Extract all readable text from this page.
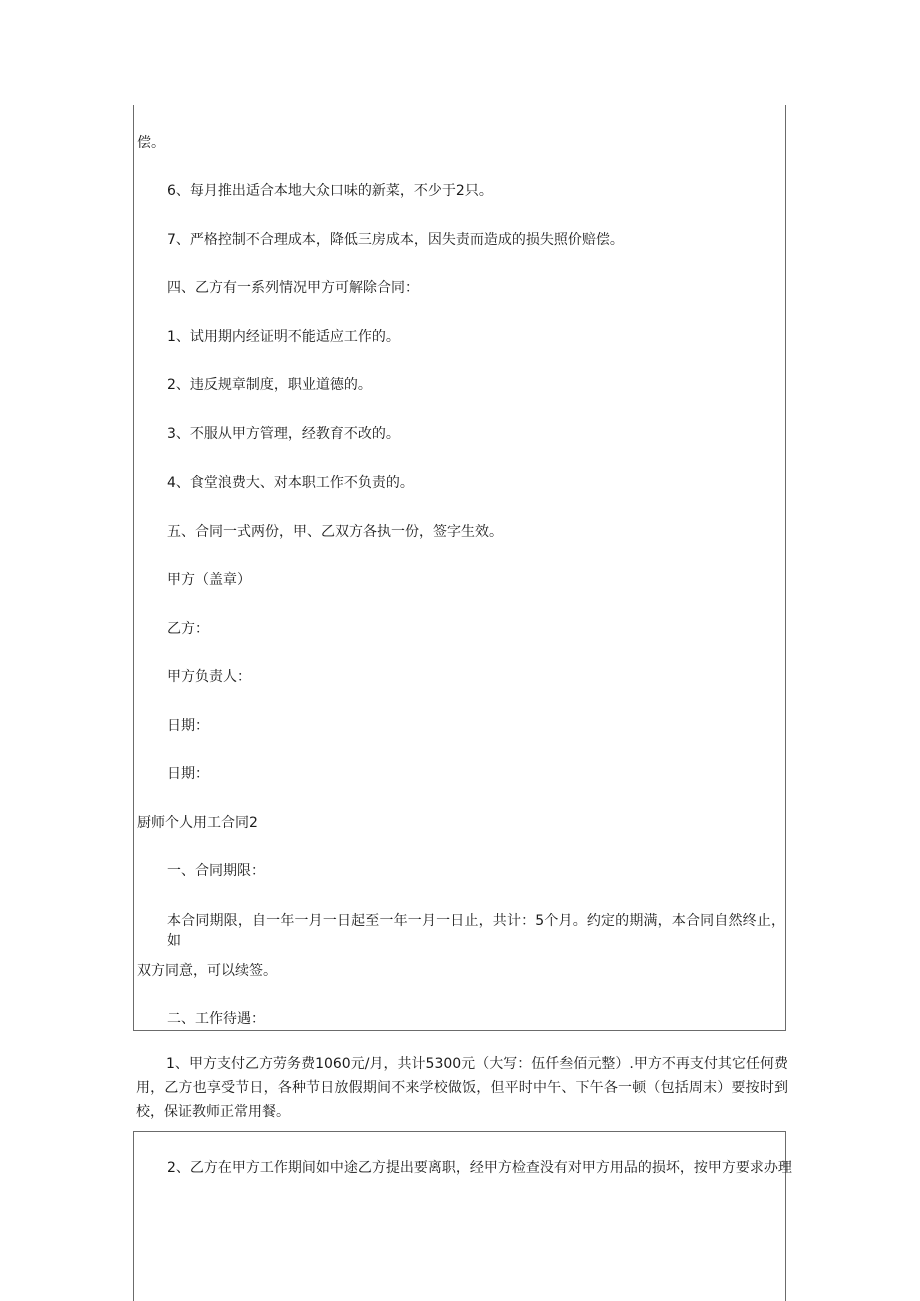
偿。
6、每月推出适合本地大众口味的新菜，不少于2只。
7、严格控制不合理成本，降低三房成本，因失责而造成的损失照价赔偿。
四、乙方有一系列情况甲方可解除合同：
1、试用期内经证明不能适应工作的。
2、违反规章制度，职业道德的。
3、不服从甲方管理，经教育不改的。
4、食堂浪费大、对本职工作不负责的。
五、合同一式两份，甲、乙双方各执一份，签字生效。
甲方（盖章）
乙方：
甲方负责人：
日期：
日期：
厨师个人用工合同2
一、合同期限：
本合同期限，自一年一月一日起至一年一月一日止，共计：5个月。约定的期满，本合同自然终止，如
双方同意，可以续签。
二、工作待遇：
1、甲方支付乙方劳务费1060元/月，共计5300元（大写：伍仟叁佰元整）.甲方不再支付其它任何费用，乙方也享受节日，各种节日放假期间不来学校做饭，但平时中午、下午各一顿（包括周末）要按时到校，保证教师正常用餐。
2、乙方在甲方工作期间如中途乙方提出要离职，经甲方检查没有对甲方用品的损坏，按甲方要求办理
